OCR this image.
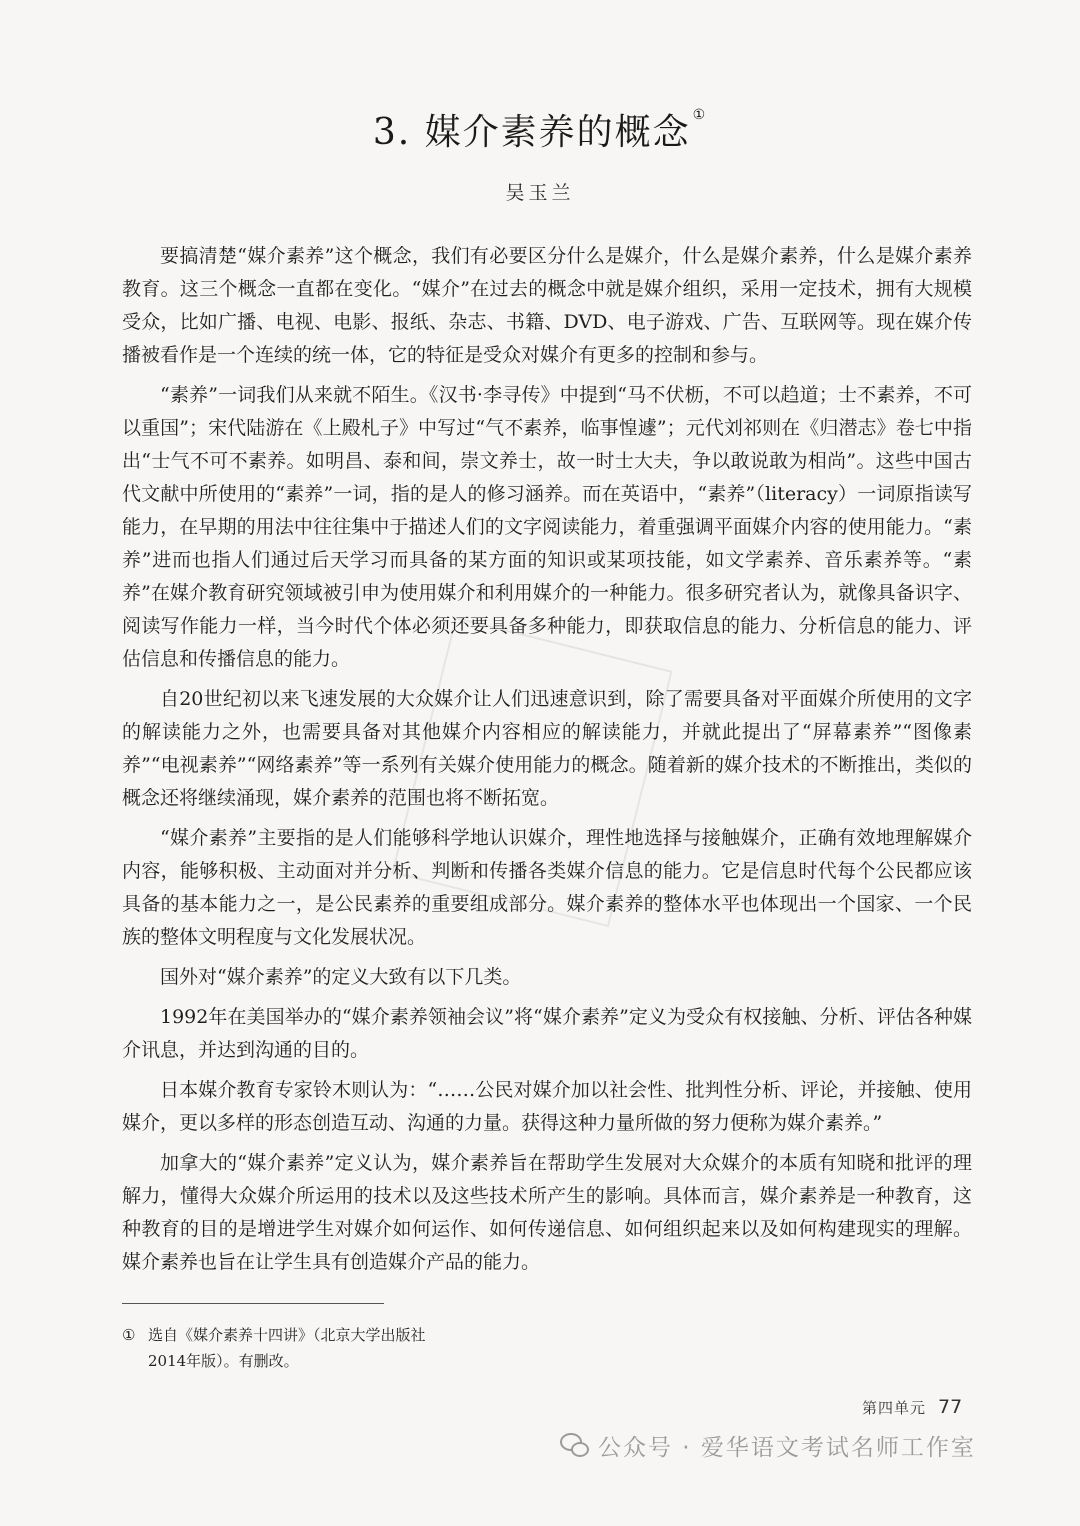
3. 媒介素养的概念 ①
吴玉兰

要搞清楚“媒介素养”这个概念，我们有必要区分什么是媒介，什么是媒介素养，什么是媒介素养教育。这三个概念一直都在变化。“媒介”在过去的概念中就是媒介组织，采用一定技术，拥有大规模受众，比如广播、电视、电影、报纸、杂志、书籍、DVD、电子游戏、广告、互联网等。现在媒介传播被看作是一个连续的统一体，它的特征是受众对媒介有更多的控制和参与。

“素养”一词我们从来就不陌生。《汉书·李寻传》中提到“马不伏枥，不可以趋道；士不素养，不可以重国”；宋代陆游在《上殿札子》中写过“气不素养，临事惶遽”；元代刘祁则在《归潜志》卷七中指出“士气不可不素养。如明昌、泰和间，崇文养士，故一时士大夫，争以敢说敢为相尚”。这些中国古代文献中所使用的“素养”一词，指的是人的修习涵养。而在英语中，“素养”（literacy）一词原指读写能力，在早期的用法中往往集中于描述人们的文字阅读能力，着重强调平面媒介内容的使用能力。“素养”进而也指人们通过后天学习而具备的某方面的知识或某项技能，如文学素养、音乐素养等。“素养”在媒介教育研究领域被引申为使用媒介和利用媒介的一种能力。很多研究者认为，就像具备识字、阅读写作能力一样，当今时代个体必须还要具备多种能力，即获取信息的能力、分析信息的能力、评估信息和传播信息的能力。

自20世纪初以来飞速发展的大众媒介让人们迅速意识到，除了需要具备对平面媒介所使用的文字的解读能力之外，也需要具备对其他媒介内容相应的解读能力，并就此提出了“屏幕素养”“图像素养”“电视素养”“网络素养”等一系列有关媒介使用能力的概念。随着新的媒介技术的不断推出，类似的概念还将继续涌现，媒介素养的范围也将不断拓宽。

“媒介素养”主要指的是人们能够科学地认识媒介，理性地选择与接触媒介，正确有效地理解媒介内容，能够积极、主动面对并分析、判断和传播各类媒介信息的能力。它是信息时代每个公民都应该具备的基本能力之一，是公民素养的重要组成部分。媒介素养的整体水平也体现出一个国家、一个民族的整体文明程度与文化发展状况。

国外对“媒介素养”的定义大致有以下几类。

1992年在美国举办的“媒介素养领袖会议”将“媒介素养”定义为受众有权接触、分析、评估各种媒介讯息，并达到沟通的目的。

日本媒介教育专家铃木则认为：“……公民对媒介加以社会性、批判性分析、评论，并接触、使用媒介，更以多样的形态创造互动、沟通的力量。获得这种力量所做的努力便称为媒介素养。”

加拿大的“媒介素养”定义认为，媒介素养旨在帮助学生发展对大众媒介的本质有知晓和批评的理解力，懂得大众媒介所运用的技术以及这些技术所产生的影响。具体而言，媒介素养是一种教育，这种教育的目的是增进学生对媒介如何运作、如何传递信息、如何组织起来以及如何构建现实的理解。媒介素养也旨在让学生具有创造媒介产品的能力。

① 选自《媒介素养十四讲》（北京大学出版社
2014年版）。有删改。
第四单元 77
公众号 · 爱华语文考试名师工作室
